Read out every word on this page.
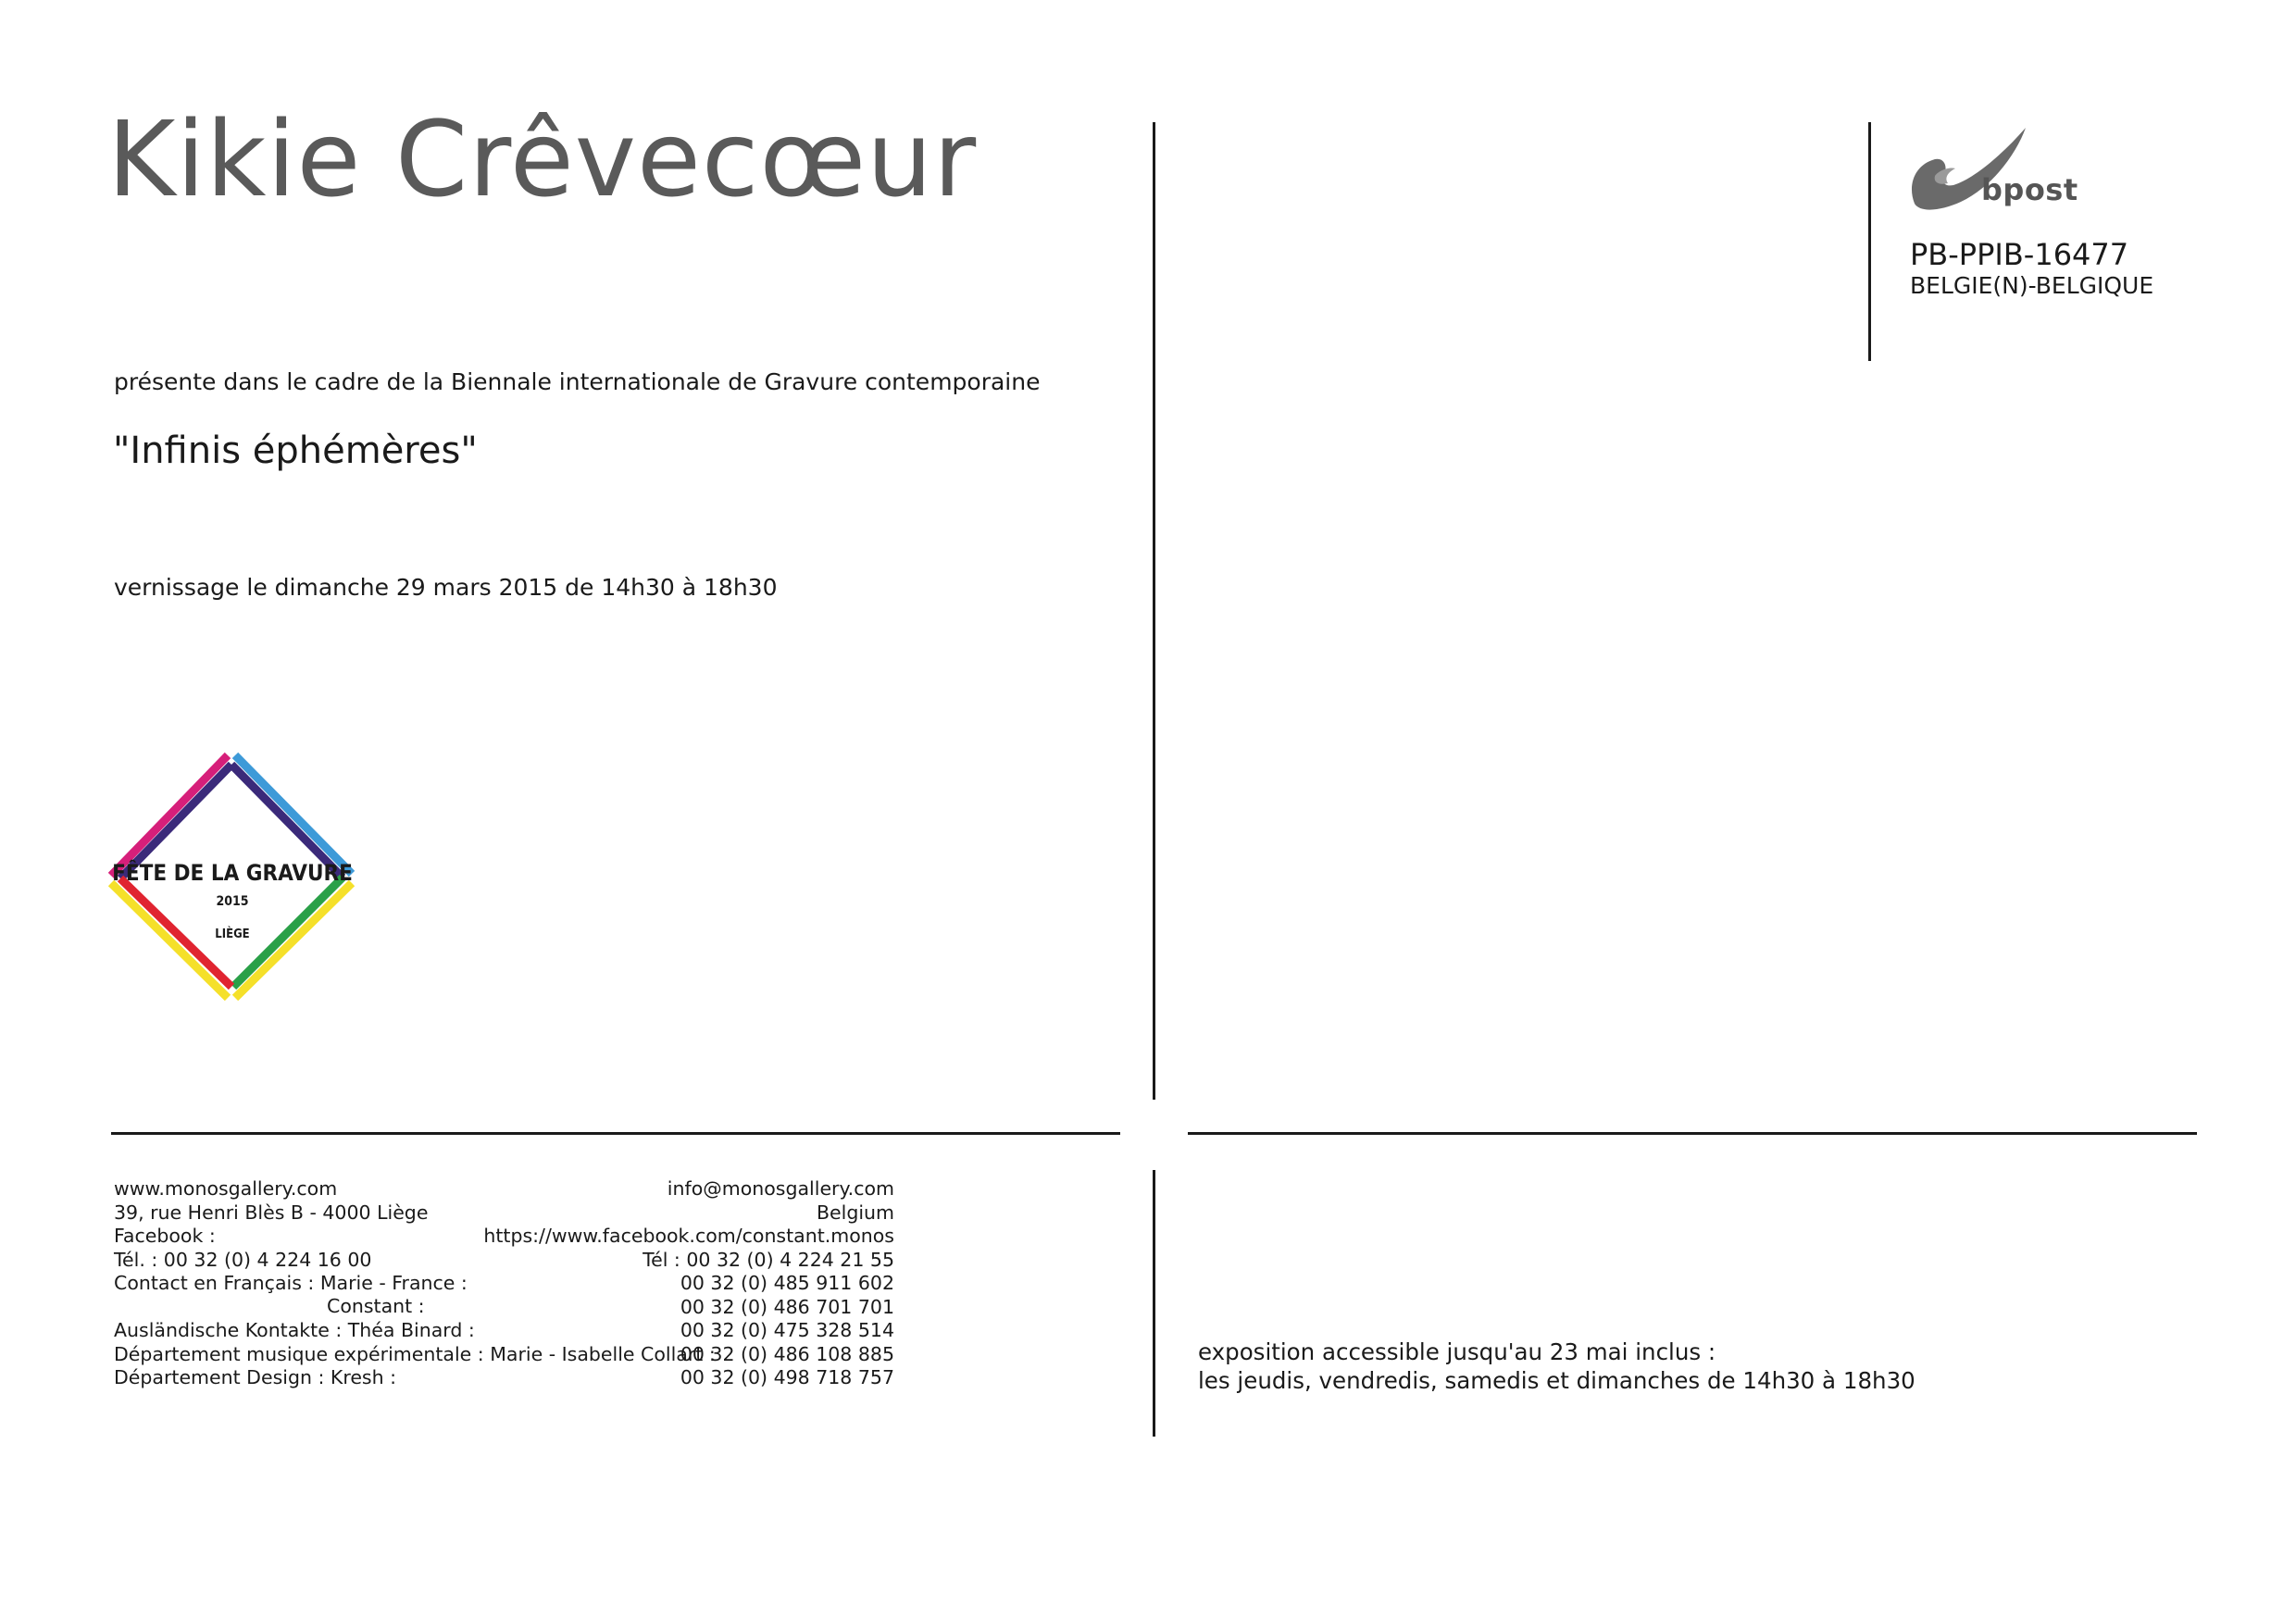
Kikie Crêvecœur
présente dans le cadre de la Biennale internationale de Gravure contemporaine
"Infinis éphémères"
vernissage le dimanche 29 mars 2015 de 14h30 à 18h30
FÊTE DE LA GRAVURE
2015
LIÈGE
bpost
PB-PPIB-16477
BELGIE(N)-BELGIQUE
www.monosgallery.com
39, rue Henri Blès B - 4000 Liège
Facebook :
Tél. : 00 32 (0) 4 224 16 00
Contact en Français : Marie - France :
Ausländische Kontakte : Théa Binard :
Département musique expérimentale : Marie - Isabelle Collart :
Département Design : Kresh :
Constant :
info@monosgallery.com
Belgium
https://www.facebook.com/constant.monos
Tél : 00 32 (0) 4 224 21 55
00 32 (0) 485 911 602
00 32 (0) 486 701 701
00 32 (0) 475 328 514
00 32 (0) 486 108 885
00 32 (0) 498 718 757
exposition accessible jusqu'au 23 mai inclus :
les jeudis, vendredis, samedis et dimanches de 14h30 à 18h30
